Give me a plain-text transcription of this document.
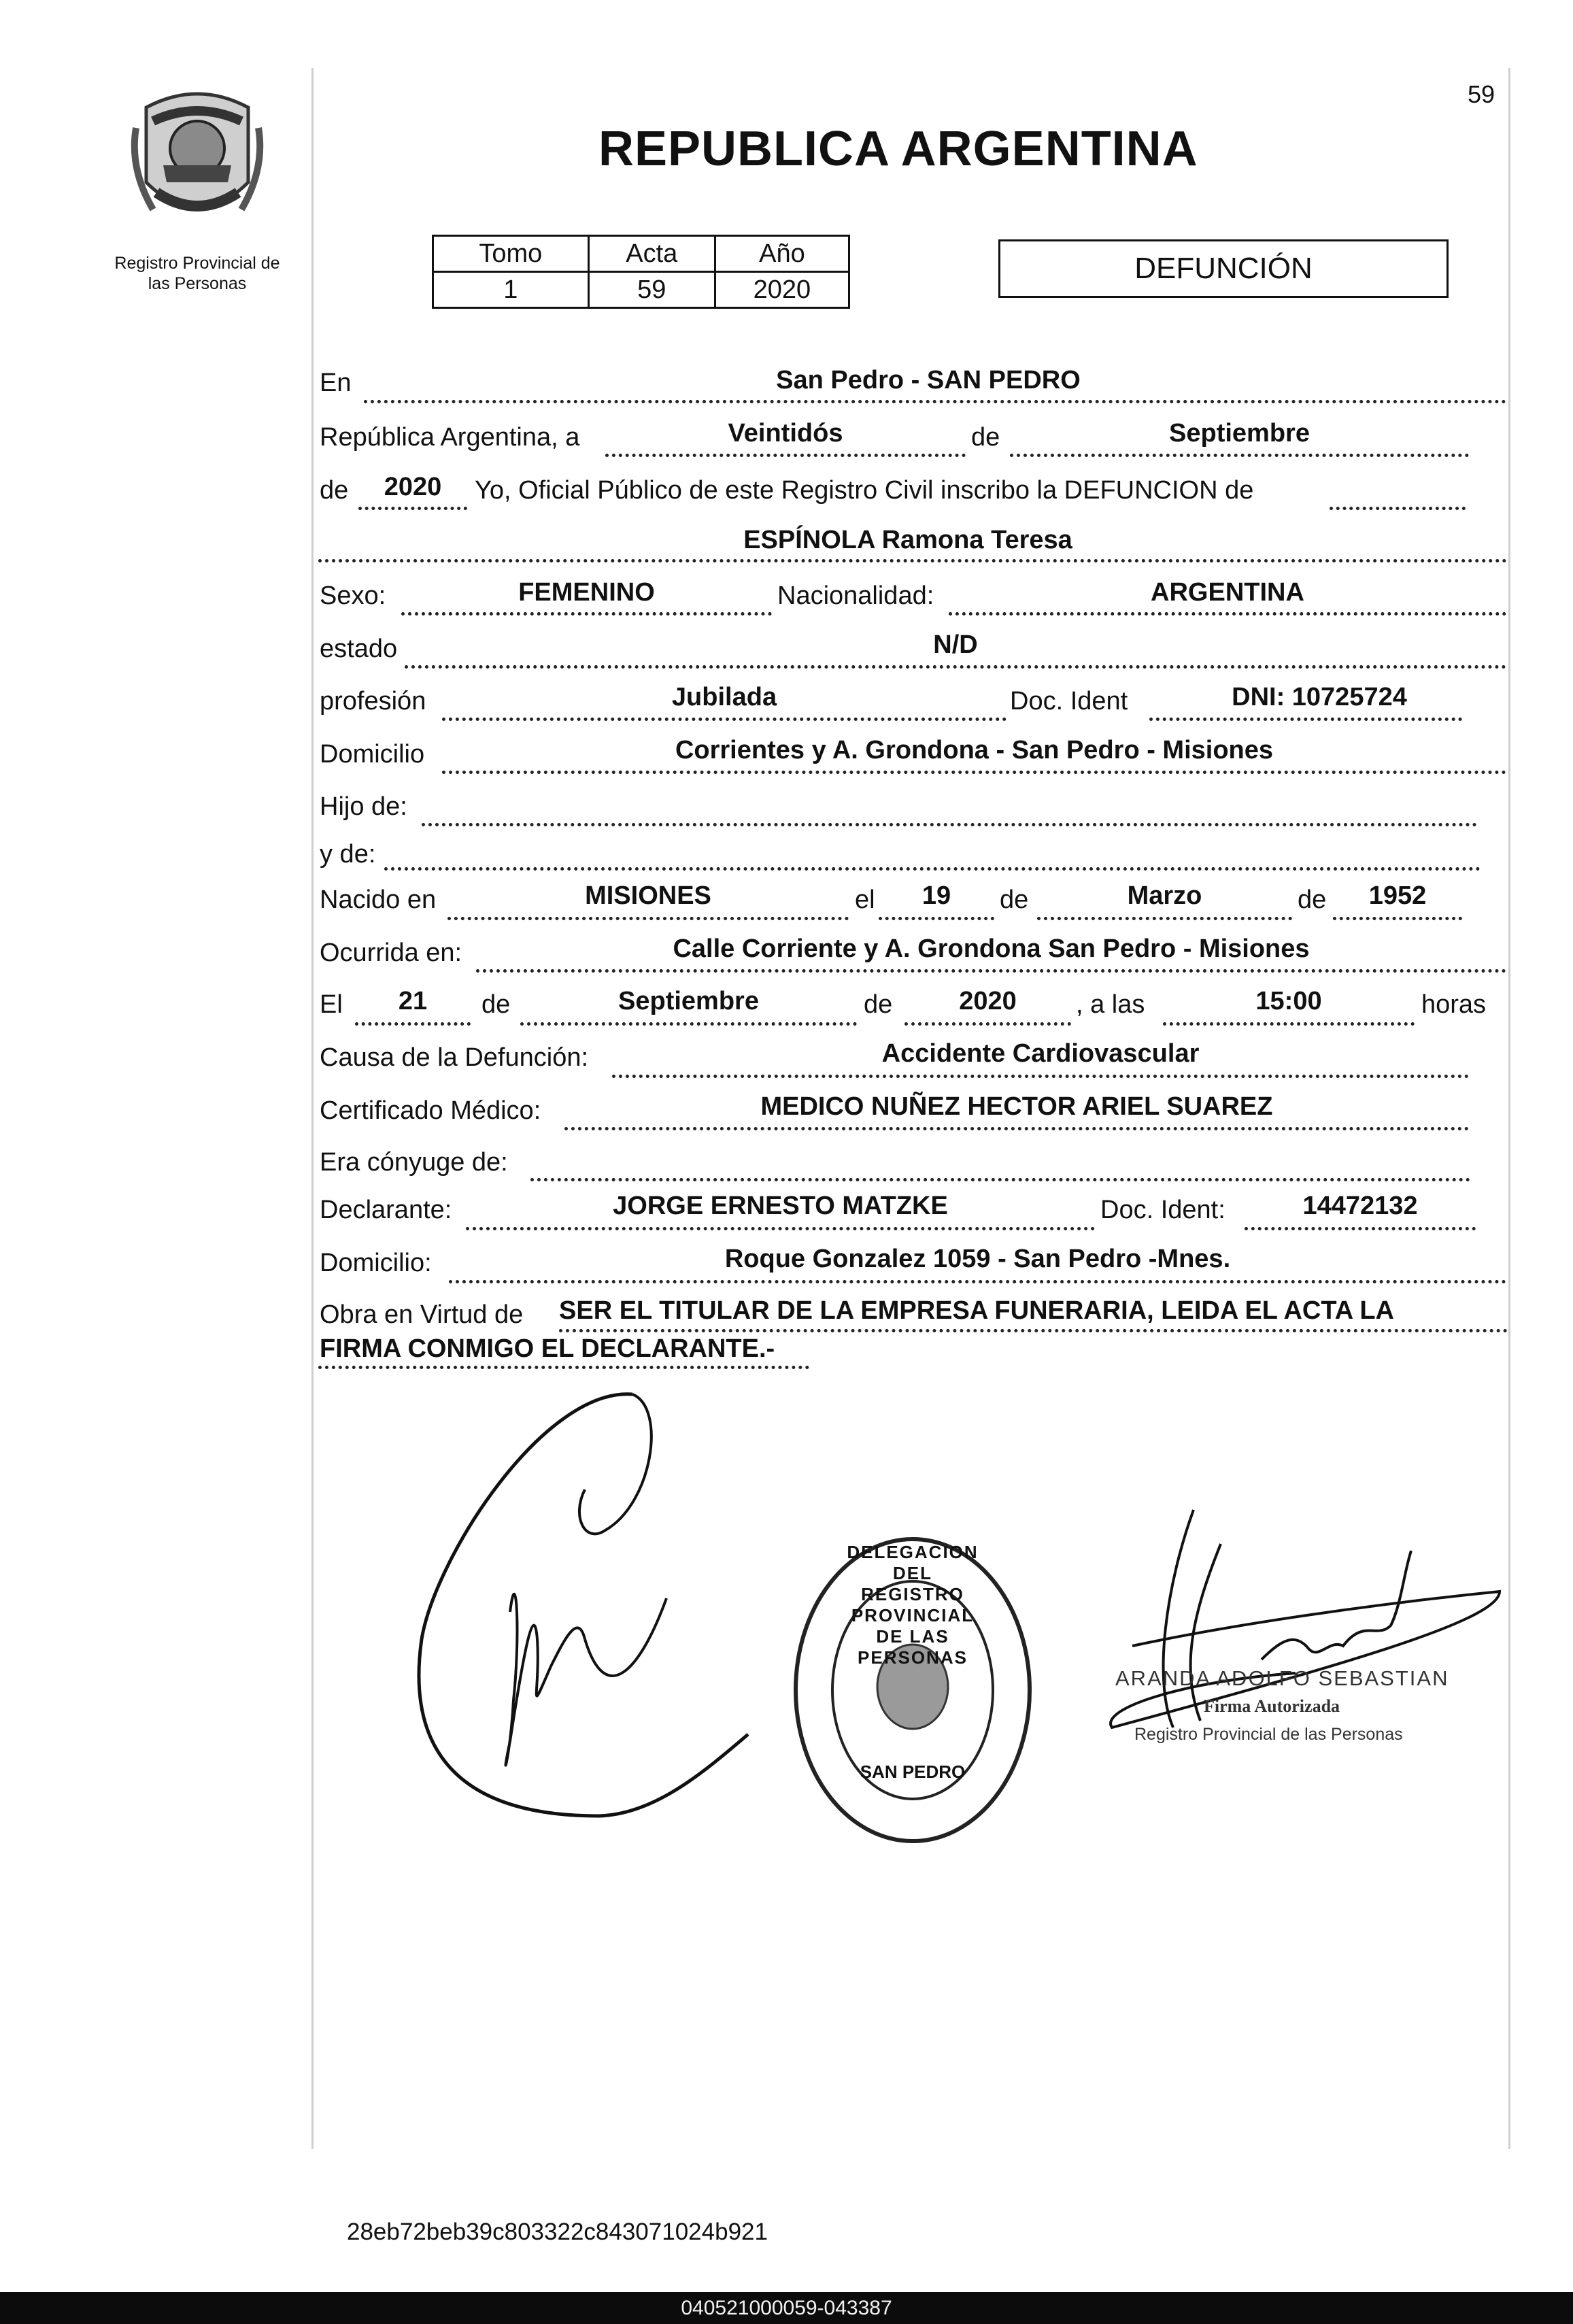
59
Registro Provincial de
las Personas
REPUBLICA ARGENTINA
Tomo	Acta	Año
1	59	2020
DEFUNCIÓN
En	San Pedro - SAN PEDRO
República Argentina, a	Veintidós	de	Septiembre
de	2020	Yo, Oficial Público de este Registro Civil inscribo la DEFUNCION de
ESPÍNOLA Ramona Teresa
Sexo:	FEMENINO	Nacionalidad:	ARGENTINA
estado	N/D
profesión	Jubilada	Doc. Ident	DNI: 10725724
Domicilio	Corrientes y A. Grondona - San Pedro - Misiones
Hijo de:
y de:
Nacido en	MISIONES	el	19	de	Marzo	de	1952
Ocurrida en:	Calle Corriente y A. Grondona San Pedro - Misiones
El	21	de	Septiembre	de	2020	, a las	15:00	horas
Causa de la Defunción:	Accidente Cardiovascular
Certificado Médico:	MEDICO NUÑEZ HECTOR ARIEL SUAREZ
Era cónyuge de:
Declarante:	JORGE ERNESTO MATZKE	Doc. Ident:	14472132
Domicilio:	Roque Gonzalez 1059 - San Pedro -Mnes.
Obra en Virtud de SER EL TITULAR DE LA EMPRESA FUNERARIA, LEIDA EL ACTA LA
FIRMA CONMIGO EL DECLARANTE.-
DELEGACION DEL REGISTRO PROVINCIAL DE LAS PERSONAS
SAN PEDRO
ARANDA ADOLFO SEBASTIAN
Firma Autorizada
Registro Provincial de las Personas
28eb72beb39c803322c843071024b921
040521000059-043387
